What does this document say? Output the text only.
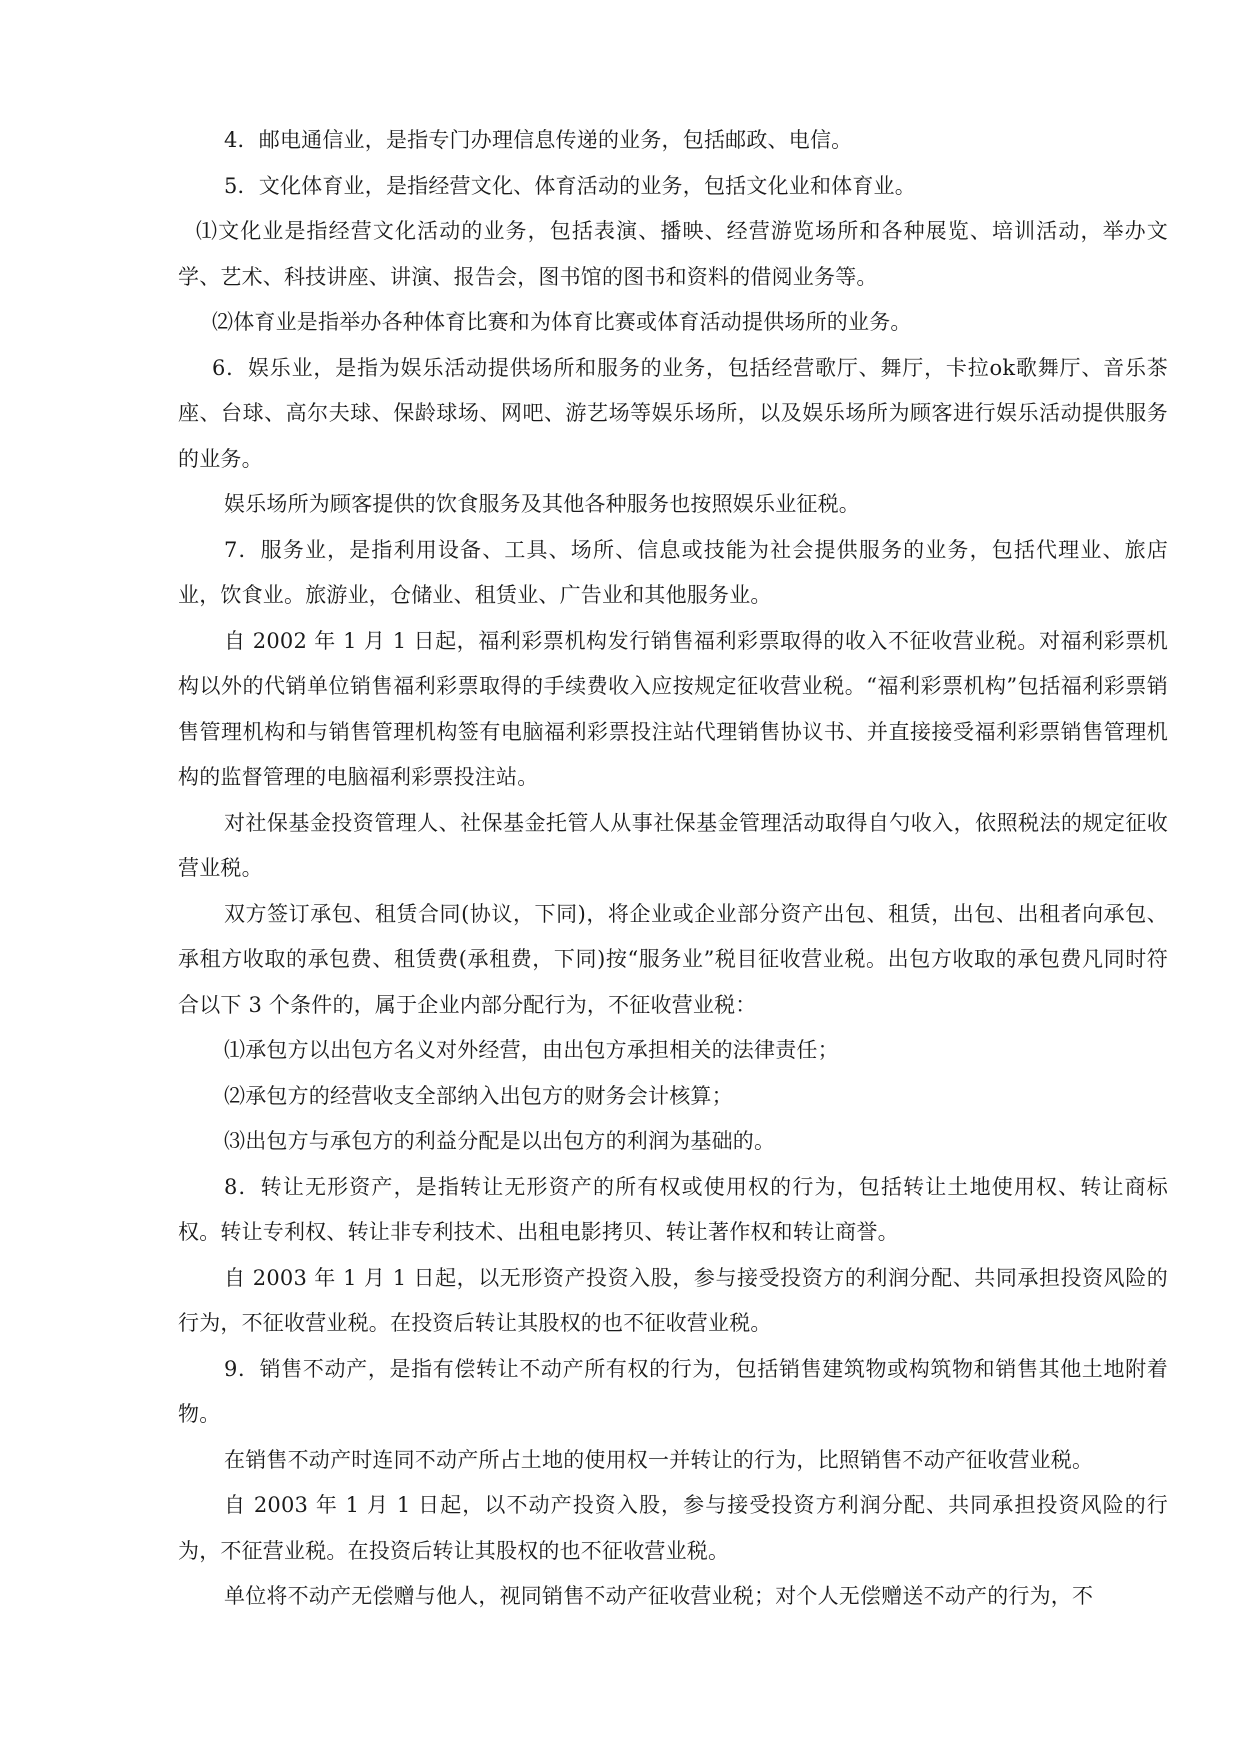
4．邮电通信业，是指专门办理信息传递的业务，包括邮政、电信。

5．文化体育业，是指经营文化、体育活动的业务，包括文化业和体育业。

⑴文化业是指经营文化活动的业务，包括表演、播映、经营游览场所和各种展览、培训活动，举办文学、艺术、科技讲座、讲演、报告会，图书馆的图书和资料的借阅业务等。

⑵体育业是指举办各种体育比赛和为体育比赛或体育活动提供场所的业务。

6．娱乐业，是指为娱乐活动提供场所和服务的业务，包括经营歌厅、舞厅，卡拉ok歌舞厅、音乐茶座、台球、高尔夫球、保龄球场、网吧、游艺场等娱乐场所，以及娱乐场所为顾客进行娱乐活动提供服务的业务。

娱乐场所为顾客提供的饮食服务及其他各种服务也按照娱乐业征税。

7．服务业，是指利用设备、工具、场所、信息或技能为社会提供服务的业务，包括代理业、旅店业，饮食业。旅游业，仓储业、租赁业、广告业和其他服务业。

自 2002 年 1 月 1 日起，福利彩票机构发行销售福利彩票取得的收入不征收营业税。对福利彩票机构以外的代销单位销售福利彩票取得的手续费收入应按规定征收营业税。“福利彩票机构”包括福利彩票销售管理机构和与销售管理机构签有电脑福利彩票投注站代理销售协议书、并直接接受福利彩票销售管理机构的监督管理的电脑福利彩票投注站。

对社保基金投资管理人、社保基金托管人从事社保基金管理活动取得自勺收入，依照税法的规定征收营业税。

双方签订承包、租赁合同(协议，下同)，将企业或企业部分资产出包、租赁，出包、出租者向承包、承租方收取的承包费、租赁费(承租费，下同)按“服务业”税目征收营业税。出包方收取的承包费凡同时符合以下 3 个条件的，属于企业内部分配行为，不征收营业税：

⑴承包方以出包方名义对外经营，由出包方承担相关的法律责任；

⑵承包方的经营收支全部纳入出包方的财务会计核算；

⑶出包方与承包方的利益分配是以出包方的利润为基础的。

8．转让无形资产，是指转让无形资产的所有权或使用权的行为，包括转让土地使用权、转让商标权。转让专利权、转让非专利技术、出租电影拷贝、转让著作权和转让商誉。

自 2003 年 1 月 1 日起，以无形资产投资入股，参与接受投资方的利润分配、共同承担投资风险的行为，不征收营业税。在投资后转让其股权的也不征收营业税。

9．销售不动产，是指有偿转让不动产所有权的行为，包括销售建筑物或构筑物和销售其他土地附着物。

在销售不动产时连同不动产所占土地的使用权一并转让的行为，比照销售不动产征收营业税。

自 2003 年 1 月 1 日起，以不动产投资入股，参与接受投资方利润分配、共同承担投资风险的行为，不征营业税。在投资后转让其股权的也不征收营业税。

单位将不动产无偿赠与他人，视同销售不动产征收营业税；对个人无偿赠送不动产的行为，不
